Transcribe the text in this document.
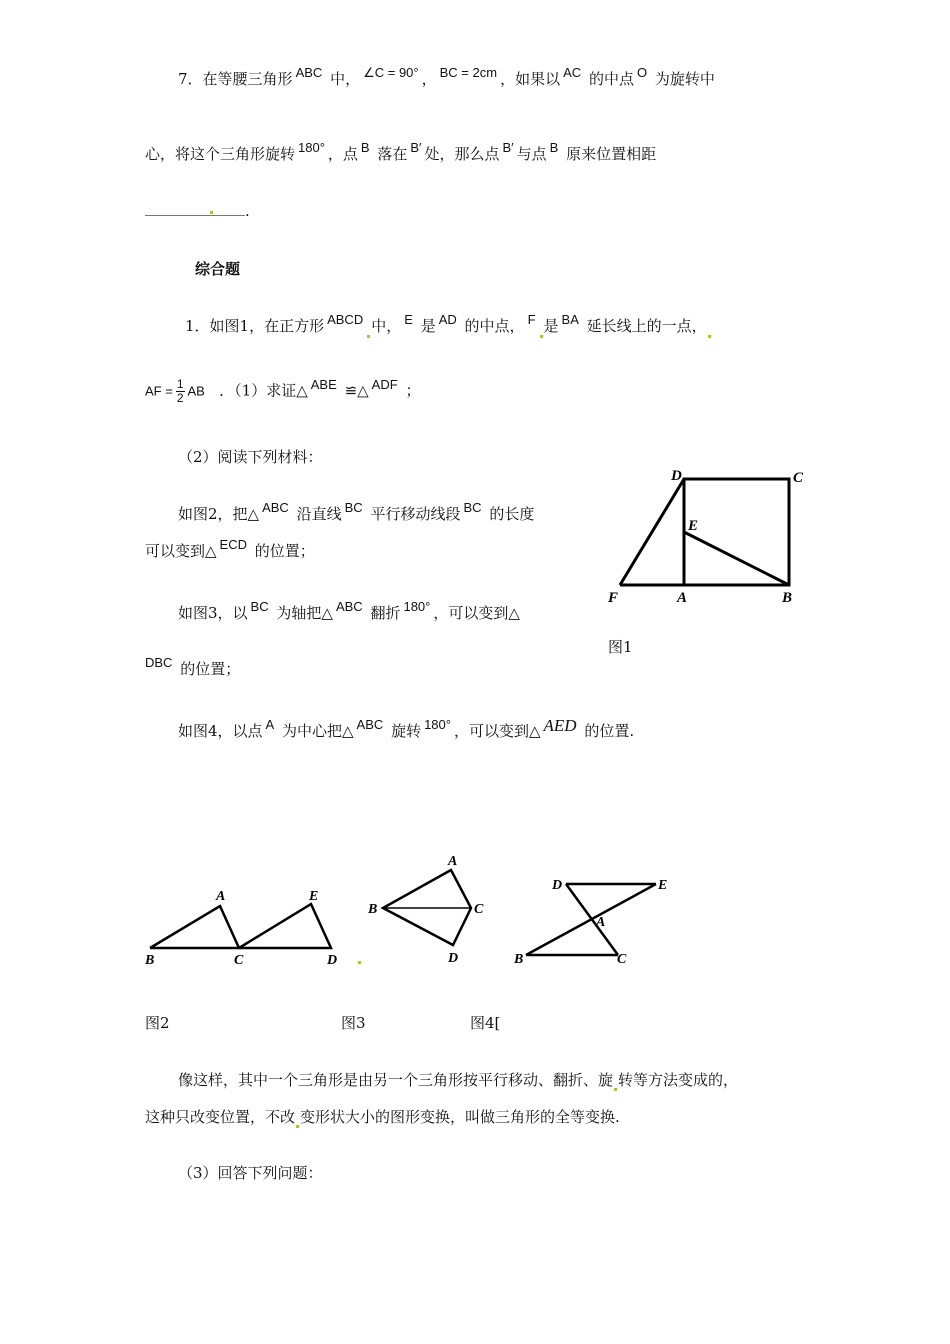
7．在等腰三角形 ABC 中， ∠C = 90° ， BC = 2cm ，如果以 AC 的中点 O 为旋转中
心，将这个三角形旋转 180° ，点 B 落在 B′ 处，那么点 B′ 与点 B 原来位置相距
.
综合题
1．如图1，在正方形 ABCD 中， E 是 AD 的中点， F 是 BA 延长线上的一点，
AF = $\frac{1}{2}$ AB ．（1）求证△ ABE ≌△ ADF ；
（2）阅读下列材料：
如图2，把△ ABC 沿直线 BC 平行移动线段 BC 的长度
可以变到△ ECD 的位置；
如图3，以 BC 为轴把△ ABC 翻折 180° ，可以变到△
DBC 的位置；
如图4，以点 A 为中心把△ ABC 旋转 180° ，可以变到△ AED 的位置.
D	C
E
F	A	B
图1
A	E
B	C	D
A
B	C
D
D	E
A
B	C
图2	图3	图4[
像这样，其中一个三角形是由另一个三角形按平行移动、翻折、旋 转等方法变成的，
这种只改变位置，不改 变形状大小的图形变换，叫做三角形的全等变换.
（3）回答下列问题：
